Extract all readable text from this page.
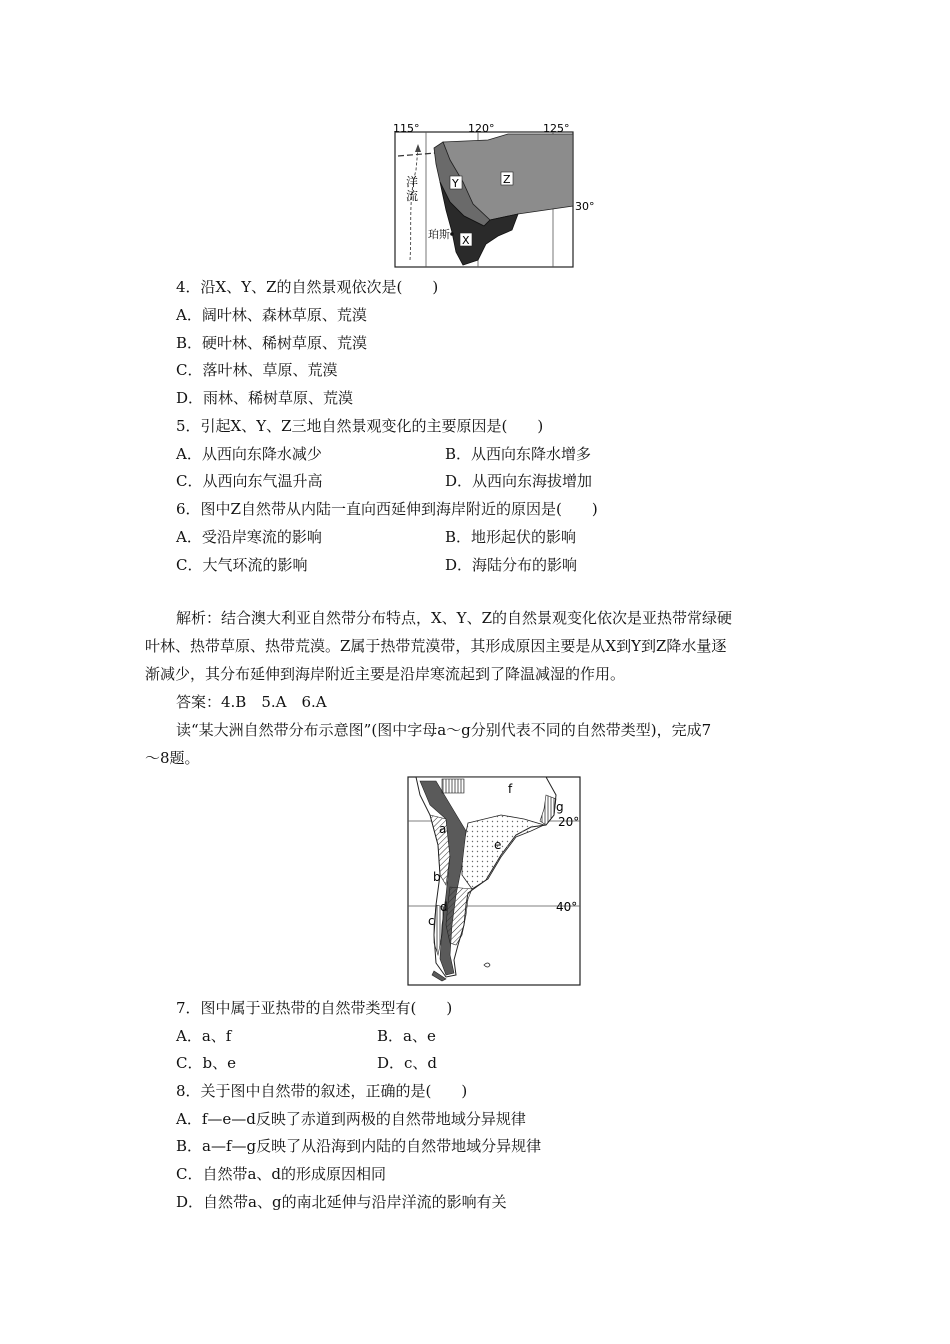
115°	120°	125°
30°
洋
流
Y	Z
X
珀斯
4．沿X、Y、Z的自然景观依次是(　　)
A．阔叶林、森林草原、荒漠
B．硬叶林、稀树草原、荒漠
C．落叶林、草原、荒漠
D．雨林、稀树草原、荒漠
5．引起X、Y、Z三地自然景观变化的主要原因是(　　)
A．从西向东降水减少	B．从西向东降水增多
C．从西向东气温升高	D．从西向东海拔增加
6．图中Z自然带从内陆一直向西延伸到海岸附近的原因是(　　)
A．受沿岸寒流的影响	B．地形起伏的影响
C．大气环流的影响	D．海陆分布的影响
解析：结合澳大利亚自然带分布特点，X、Y、Z的自然景观变化依次是亚热带常绿硬
叶林、热带草原、热带荒漠。Z属于热带荒漠带，其形成原因主要是从X到Y到Z降水量逐
渐减少，其分布延伸到海岸附近主要是沿岸寒流起到了降温减湿的作用。
答案：4.B　5.A　6.A
读“某大洲自然带分布示意图”(图中字母a～g分别代表不同的自然带类型)，完成7
～8题。
f
g
20°
a
e
b
40°
c
d
7．图中属于亚热带的自然带类型有(　　)
A．a、f	B．a、e
C．b、e	D．c、d
8．关于图中自然带的叙述，正确的是(　　)
A．f—e—d反映了赤道到两极的自然带地域分异规律
B．a—f—g反映了从沿海到内陆的自然带地域分异规律
C．自然带a、d的形成原因相同
D．自然带a、g的南北延伸与沿岸洋流的影响有关
